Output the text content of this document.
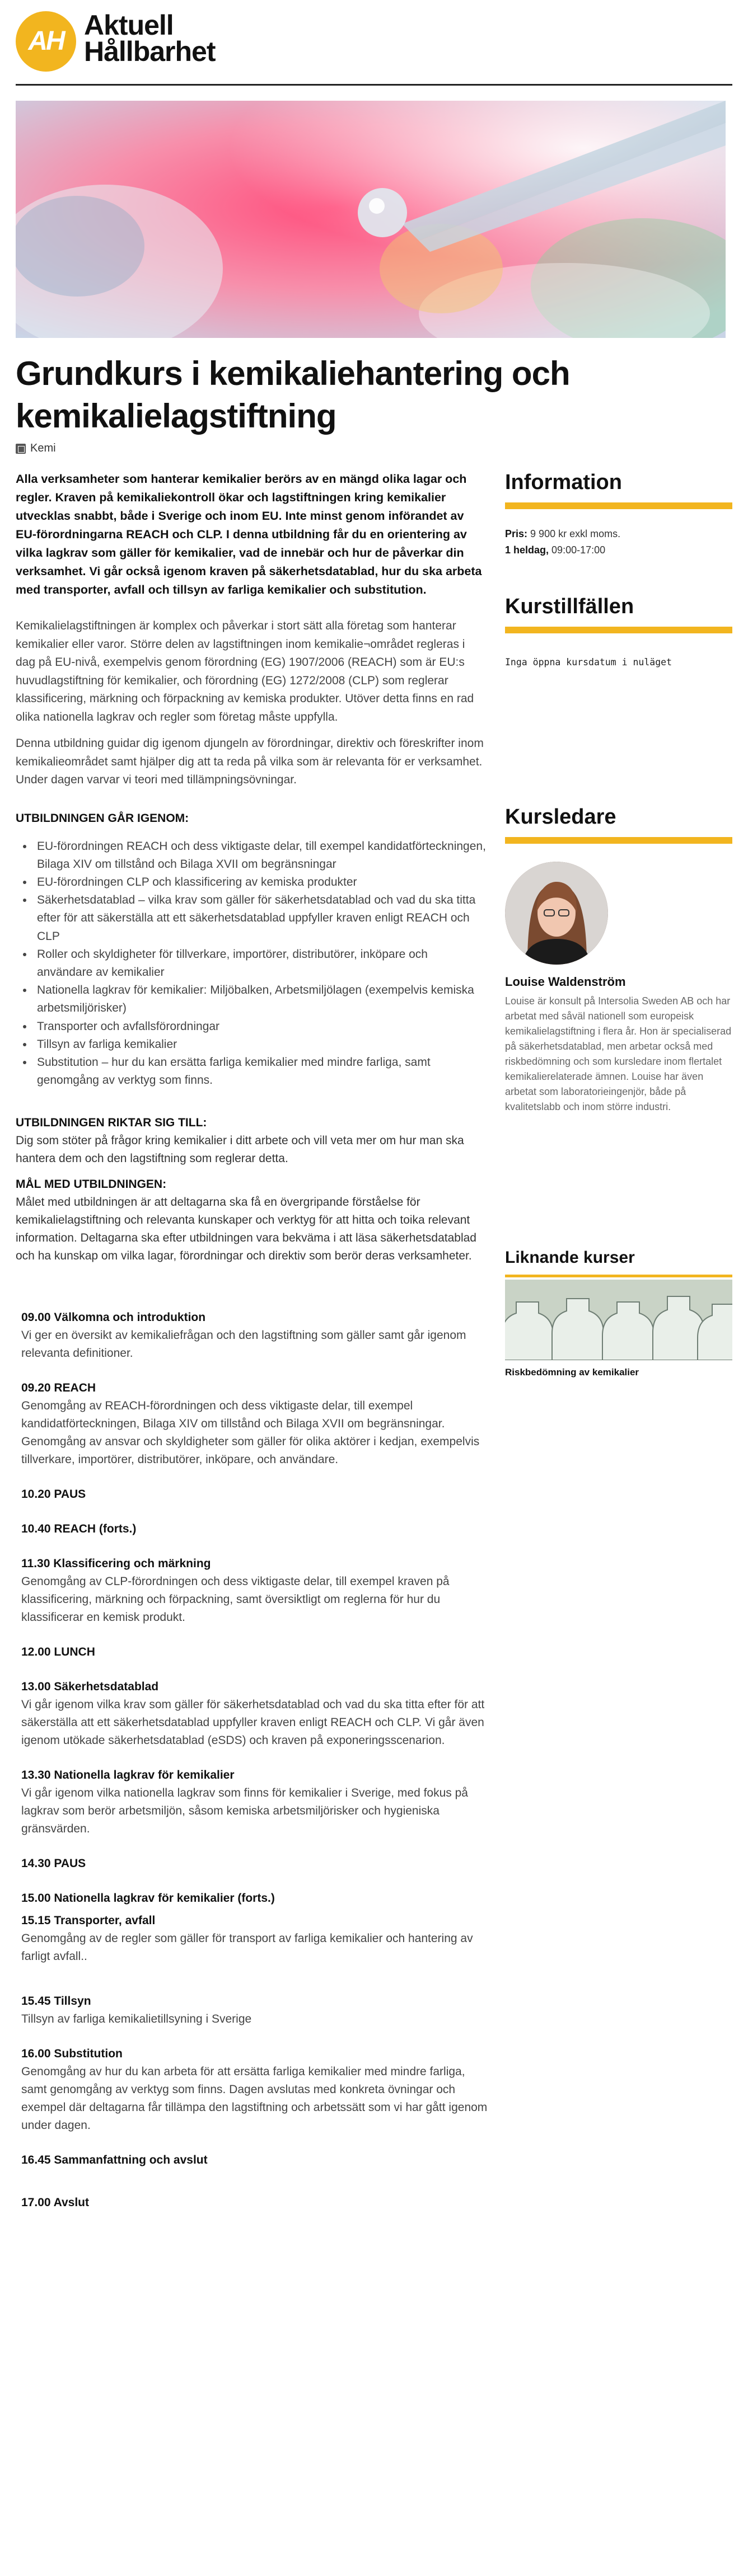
AH
Aktuell
Hållbarhet
Grundkurs i kemikaliehantering och kemikalielagstiftning
Kemi

Alla verksamheter som hanterar kemikalier berörs av en mängd olika lagar och regler. Kraven på kemikaliekontroll ökar och lagstiftningen kring kemikalier utvecklas snabbt, både i Sverige och inom EU. Inte minst genom införandet av EU-förordningarna REACH och CLP. I denna utbildning får du en orientering av vilka lagkrav som gäller för kemikalier, vad de innebär och hur de påverkar din verksamhet. Vi går också igenom kraven på säkerhetsdatablad, hur du ska arbeta med transporter, avfall och tillsyn av farliga kemikalier och substitution.

Kemikalielagstiftningen är komplex och påverkar i stort sätt alla företag som hanterar kemikalier eller varor. Större delen av lagstiftningen inom kemikalie¬området regleras i dag på EU-nivå, exempelvis genom förordning (EG) 1907/2006 (REACH) som är EU:s huvudlagstiftning för kemikalier, och förordning (EG) 1272/2008 (CLP) som reglerar klassificering, märkning och förpackning av kemiska produkter. Utöver detta finns en rad olika nationella lagkrav och regler som företag måste uppfylla.

Denna utbildning guidar dig igenom djungeln av förordningar, direktiv och föreskrifter inom kemikalieområdet samt hjälper dig att ta reda på vilka som är relevanta för er verksamhet. Under dagen varvar vi teori med tillämpningsövningar.

UTBILDNINGEN GÅR IGENOM:
• EU-förordningen REACH och dess viktigaste delar, till exempel kandidatförteckningen, Bilaga XIV om tillstånd och Bilaga XVII om begränsningar
• EU-förordningen CLP och klassificering av kemiska produkter
• Säkerhetsdatablad – vilka krav som gäller för säkerhetsdatablad och vad du ska titta efter för att säkerställa att ett säkerhetsdatablad uppfyller kraven enligt REACH och CLP
• Roller och skyldigheter för tillverkare, importörer, distributörer, inköpare och användare av kemikalier
• Nationella lagkrav för kemikalier: Miljöbalken, Arbetsmiljölagen (exempelvis kemiska arbetsmiljörisker)
• Transporter och avfallsförordningar
• Tillsyn av farliga kemikalier
• Substitution – hur du kan ersätta farliga kemikalier med mindre farliga, samt genomgång av verktyg som finns.
UTBILDNINGEN RIKTAR SIG TILL:

Dig som stöter på frågor kring kemikalier i ditt arbete och vill veta mer om hur man ska hantera dem och den lagstiftning som reglerar detta.

MÅL MED UTBILDNINGEN:

Målet med utbildningen är att deltagarna ska få en övergripande förståelse för kemikalielagstiftning och relevanta kunskaper och verktyg för att hitta och toika relevant information. Deltagarna ska efter utbildningen vara bekväma i att läsa säkerhetsdatablad och ha kunskap om vilka lagar, förordningar och direktiv som berör deras verksamheter.

09.00 Välkomna och introduktion
Vi ger en översikt av kemikaliefrågan och den lagstiftning som gäller samt går igenom relevanta definitioner.
09.20 REACH
Genomgång av REACH-förordningen och dess viktigaste delar, till exempel kandidatförteckningen, Bilaga XIV om tillstånd och Bilaga XVII om begränsningar. Genomgång av ansvar och skyldigheter som gäller för olika aktörer i kedjan, exempelvis tillverkare, importörer, distributörer, inköpare, och användare.
10.20 PAUS
10.40 REACH (forts.)
11.30 Klassificering och märkning
Genomgång av CLP-förordningen och dess viktigaste delar, till exempel kraven på klassificering, märkning och förpackning, samt översiktligt om reglerna för hur du klassificerar en kemisk produkt.
12.00 LUNCH
13.00 Säkerhetsdatablad
Vi går igenom vilka krav som gäller för säkerhetsdatablad och vad du ska titta efter för att säkerställa att ett säkerhetsdatablad uppfyller kraven enligt REACH och CLP. Vi går även igenom utökade säkerhetsdatablad (eSDS) och kraven på exponeringsscenarion.
13.30 Nationella lagkrav för kemikalier
Vi går igenom vilka nationella lagkrav som finns för kemikalier i Sverige, med fokus på lagkrav som berör arbetsmiljön, såsom kemiska arbetsmiljörisker och hygieniska gränsvärden.
14.30 PAUS
15.00 Nationella lagkrav för kemikalier (forts.)
15.15 Transporter, avfall
Genomgång av de regler som gäller för transport av farliga kemikalier och hantering av farligt avfall..
15.45 Tillsyn
Tillsyn av farliga kemikalietillsyning i Sverige
16.00 Substitution
Genomgång av hur du kan arbeta för att ersätta farliga kemikalier med mindre farliga, samt genomgång av verktyg som finns. Dagen avslutas med konkreta övningar och exempel där deltagarna får tillämpa den lagstiftning och arbetssätt som vi har gått igenom under dagen.
16.45 Sammanfattning och avslut
17.00 Avslut
Information
Pris: 9 900 kr exkl moms.
1 heldag, 09:00-17:00
Kurstillfällen
Inga öppna kursdatum i nuläget
Kursledare
Louise Waldenström

Louise är konsult på Intersolia Sweden AB och har arbetat med såväl nationell som europeisk kemikalielagstiftning i flera år. Hon är specialiserad på säkerhetsdatablad, men arbetar också med riskbedömning och som kursledare inom flertalet kemikalierelaterade ämnen. Louise har även arbetat som laboratorieingenjör, både på kvalitetslabb och inom större industri.

Liknande kurser
Riskbedömning av kemikalier
